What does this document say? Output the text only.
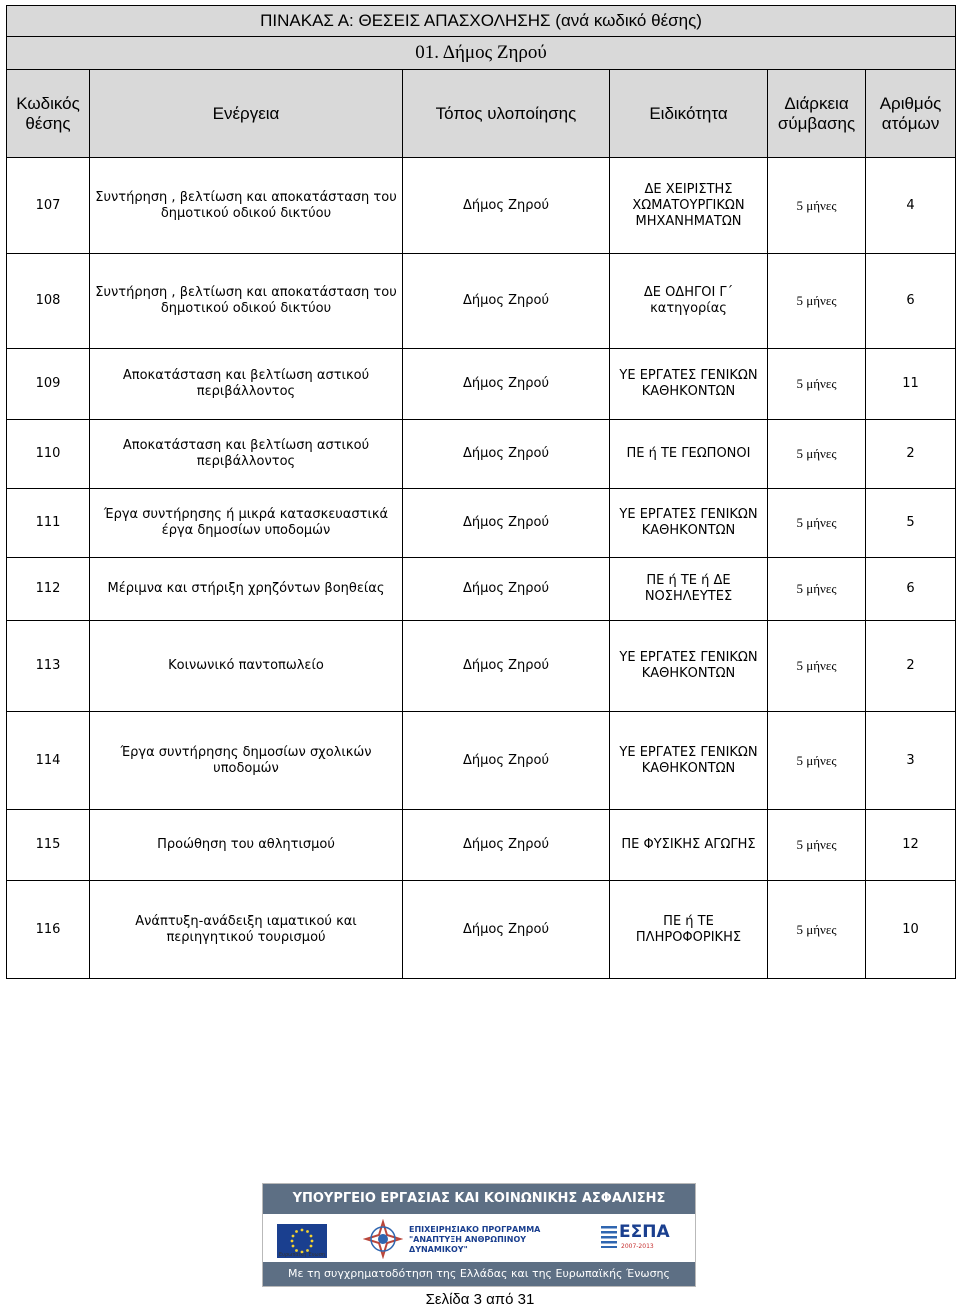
ΠΙΝΑΚΑΣ Α: ΘΕΣΕΙΣ ΑΠΑΣΧΟΛΗΣΗΣ (ανά κωδικό θέσης)					
01. Δήμος Ζηρού					
Κωδικός θέσης	Ενέργεια	Τόπος υλοποίησης	Ειδικότητα	Διάρκεια σύμβασης	Αριθμός ατόμων
107	Συντήρηση , βελτίωση και αποκατάσταση του δημοτικού οδικού δικτύου	Δήμος Ζηρού	ΔΕ ΧΕΙΡΙΣΤΗΣ ΧΩΜΑΤΟΥΡΓΙΚΩΝ ΜΗΧΑΝΗΜΑΤΩΝ	5 μήνες	4
108	Συντήρηση , βελτίωση και αποκατάσταση του δημοτικού οδικού δικτύου	Δήμος Ζηρού	ΔΕ ΟΔΗΓΟΙ Γ΄ κατηγορίας	5 μήνες	6
109	Αποκατάσταση και βελτίωση αστικού περιβάλλοντος	Δήμος Ζηρού	ΥΕ ΕΡΓΑΤΕΣ ΓΕΝΙΚΩΝ ΚΑΘΗΚΟΝΤΩΝ	5 μήνες	11
110	Αποκατάσταση και βελτίωση αστικού περιβάλλοντος	Δήμος Ζηρού	ΠΕ ή ΤΕ ΓΕΩΠΟΝΟΙ	5 μήνες	2
111	Έργα συντήρησης ή μικρά κατασκευαστικά έργα δημοσίων υποδομών	Δήμος Ζηρού	ΥΕ ΕΡΓΑΤΕΣ ΓΕΝΙΚΩΝ ΚΑΘΗΚΟΝΤΩΝ	5 μήνες	5
112	Μέριμνα και στήριξη χρηζόντων βοηθείας	Δήμος Ζηρού	ΠΕ ή ΤΕ ή ΔΕ ΝΟΣΗΛΕΥΤΕΣ	5 μήνες	6
113	Κοινωνικό παντοπωλείο	Δήμος Ζηρού	ΥΕ ΕΡΓΑΤΕΣ ΓΕΝΙΚΩΝ ΚΑΘΗΚΟΝΤΩΝ	5 μήνες	2
114	Έργα συντήρησης δημοσίων σχολικών υποδομών	Δήμος Ζηρού	ΥΕ ΕΡΓΑΤΕΣ ΓΕΝΙΚΩΝ ΚΑΘΗΚΟΝΤΩΝ	5 μήνες	3
115	Προώθηση του αθλητισμού	Δήμος Ζηρού	ΠΕ ΦΥΣΙΚΗΣ ΑΓΩΓΗΣ	5 μήνες	12
116	Ανάπτυξη-ανάδειξη ιαματικού και περιηγητικού τουρισμού	Δήμος Ζηρού	ΠΕ ή ΤΕ ΠΛΗΡΟΦΟΡΙΚΗΣ	5 μήνες	10
ΥΠΟΥΡΓΕΙΟ ΕΡΓΑΣΙΑΣ ΚΑΙ ΚΟΙΝΩΝΙΚΗΣ ΑΣΦΑΛΙΣΗΣ
Ευρωπαϊκή Ένωση
ΕΠΙΧΕΙΡΗΣΙΑΚΟ ΠΡΟΓΡΑΜΜΑ "ΑΝΑΠΤΥΞΗ ΑΝΘΡΩΠΙΝΟΥ ΔΥΝΑΜΙΚΟΥ"
ΕΣΠΑ
2007-2013
Με τη συγχρηματοδότηση της Ελλάδας και της Ευρωπαϊκής Ένωσης
Σελίδα 3 από 31
